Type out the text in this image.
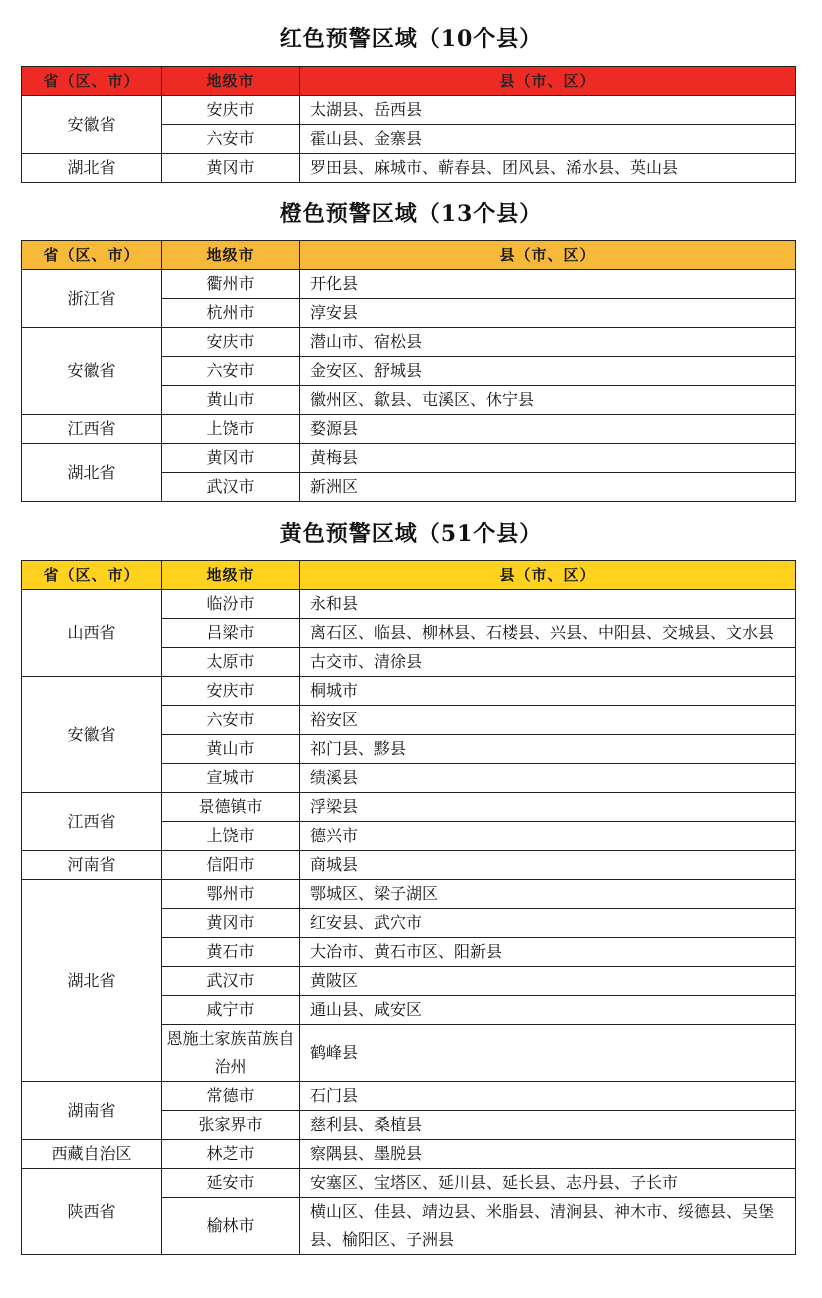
红色预警区域（10个县）
省（区、市）	地级市	县（市、区）
安徽省	安庆市	太湖县、岳西县
	六安市	霍山县、金寨县
湖北省	黄冈市	罗田县、麻城市、蕲春县、团风县、浠水县、英山县
橙色预警区域（13个县）
省（区、市）	地级市	县（市、区）
浙江省	衢州市	开化县
	杭州市	淳安县
安徽省	安庆市	潜山市、宿松县
	六安市	金安区、舒城县
	黄山市	徽州区、歙县、屯溪区、休宁县
江西省	上饶市	婺源县
湖北省	黄冈市	黄梅县
	武汉市	新洲区
黄色预警区域（51个县）
省（区、市）	地级市	县（市、区）
山西省	临汾市	永和县
	吕梁市	离石区、临县、柳林县、石楼县、兴县、中阳县、交城县、文水县
	太原市	古交市、清徐县
安徽省	安庆市	桐城市
	六安市	裕安区
	黄山市	祁门县、黟县
	宣城市	绩溪县
江西省	景德镇市	浮梁县
	上饶市	德兴市
河南省	信阳市	商城县
湖北省	鄂州市	鄂城区、梁子湖区
	黄冈市	红安县、武穴市
	黄石市	大冶市、黄石市区、阳新县
	武汉市	黄陂区
	咸宁市	通山县、咸安区
	恩施土家族苗族自治州	鹤峰县
湖南省	常德市	石门县
	张家界市	慈利县、桑植县
西藏自治区	林芝市	察隅县、墨脱县
陕西省	延安市	安塞区、宝塔区、延川县、延长县、志丹县、子长市
	榆林市	横山区、佳县、靖边县、米脂县、清涧县、神木市、绥德县、吴堡县、榆阳区、子洲县
